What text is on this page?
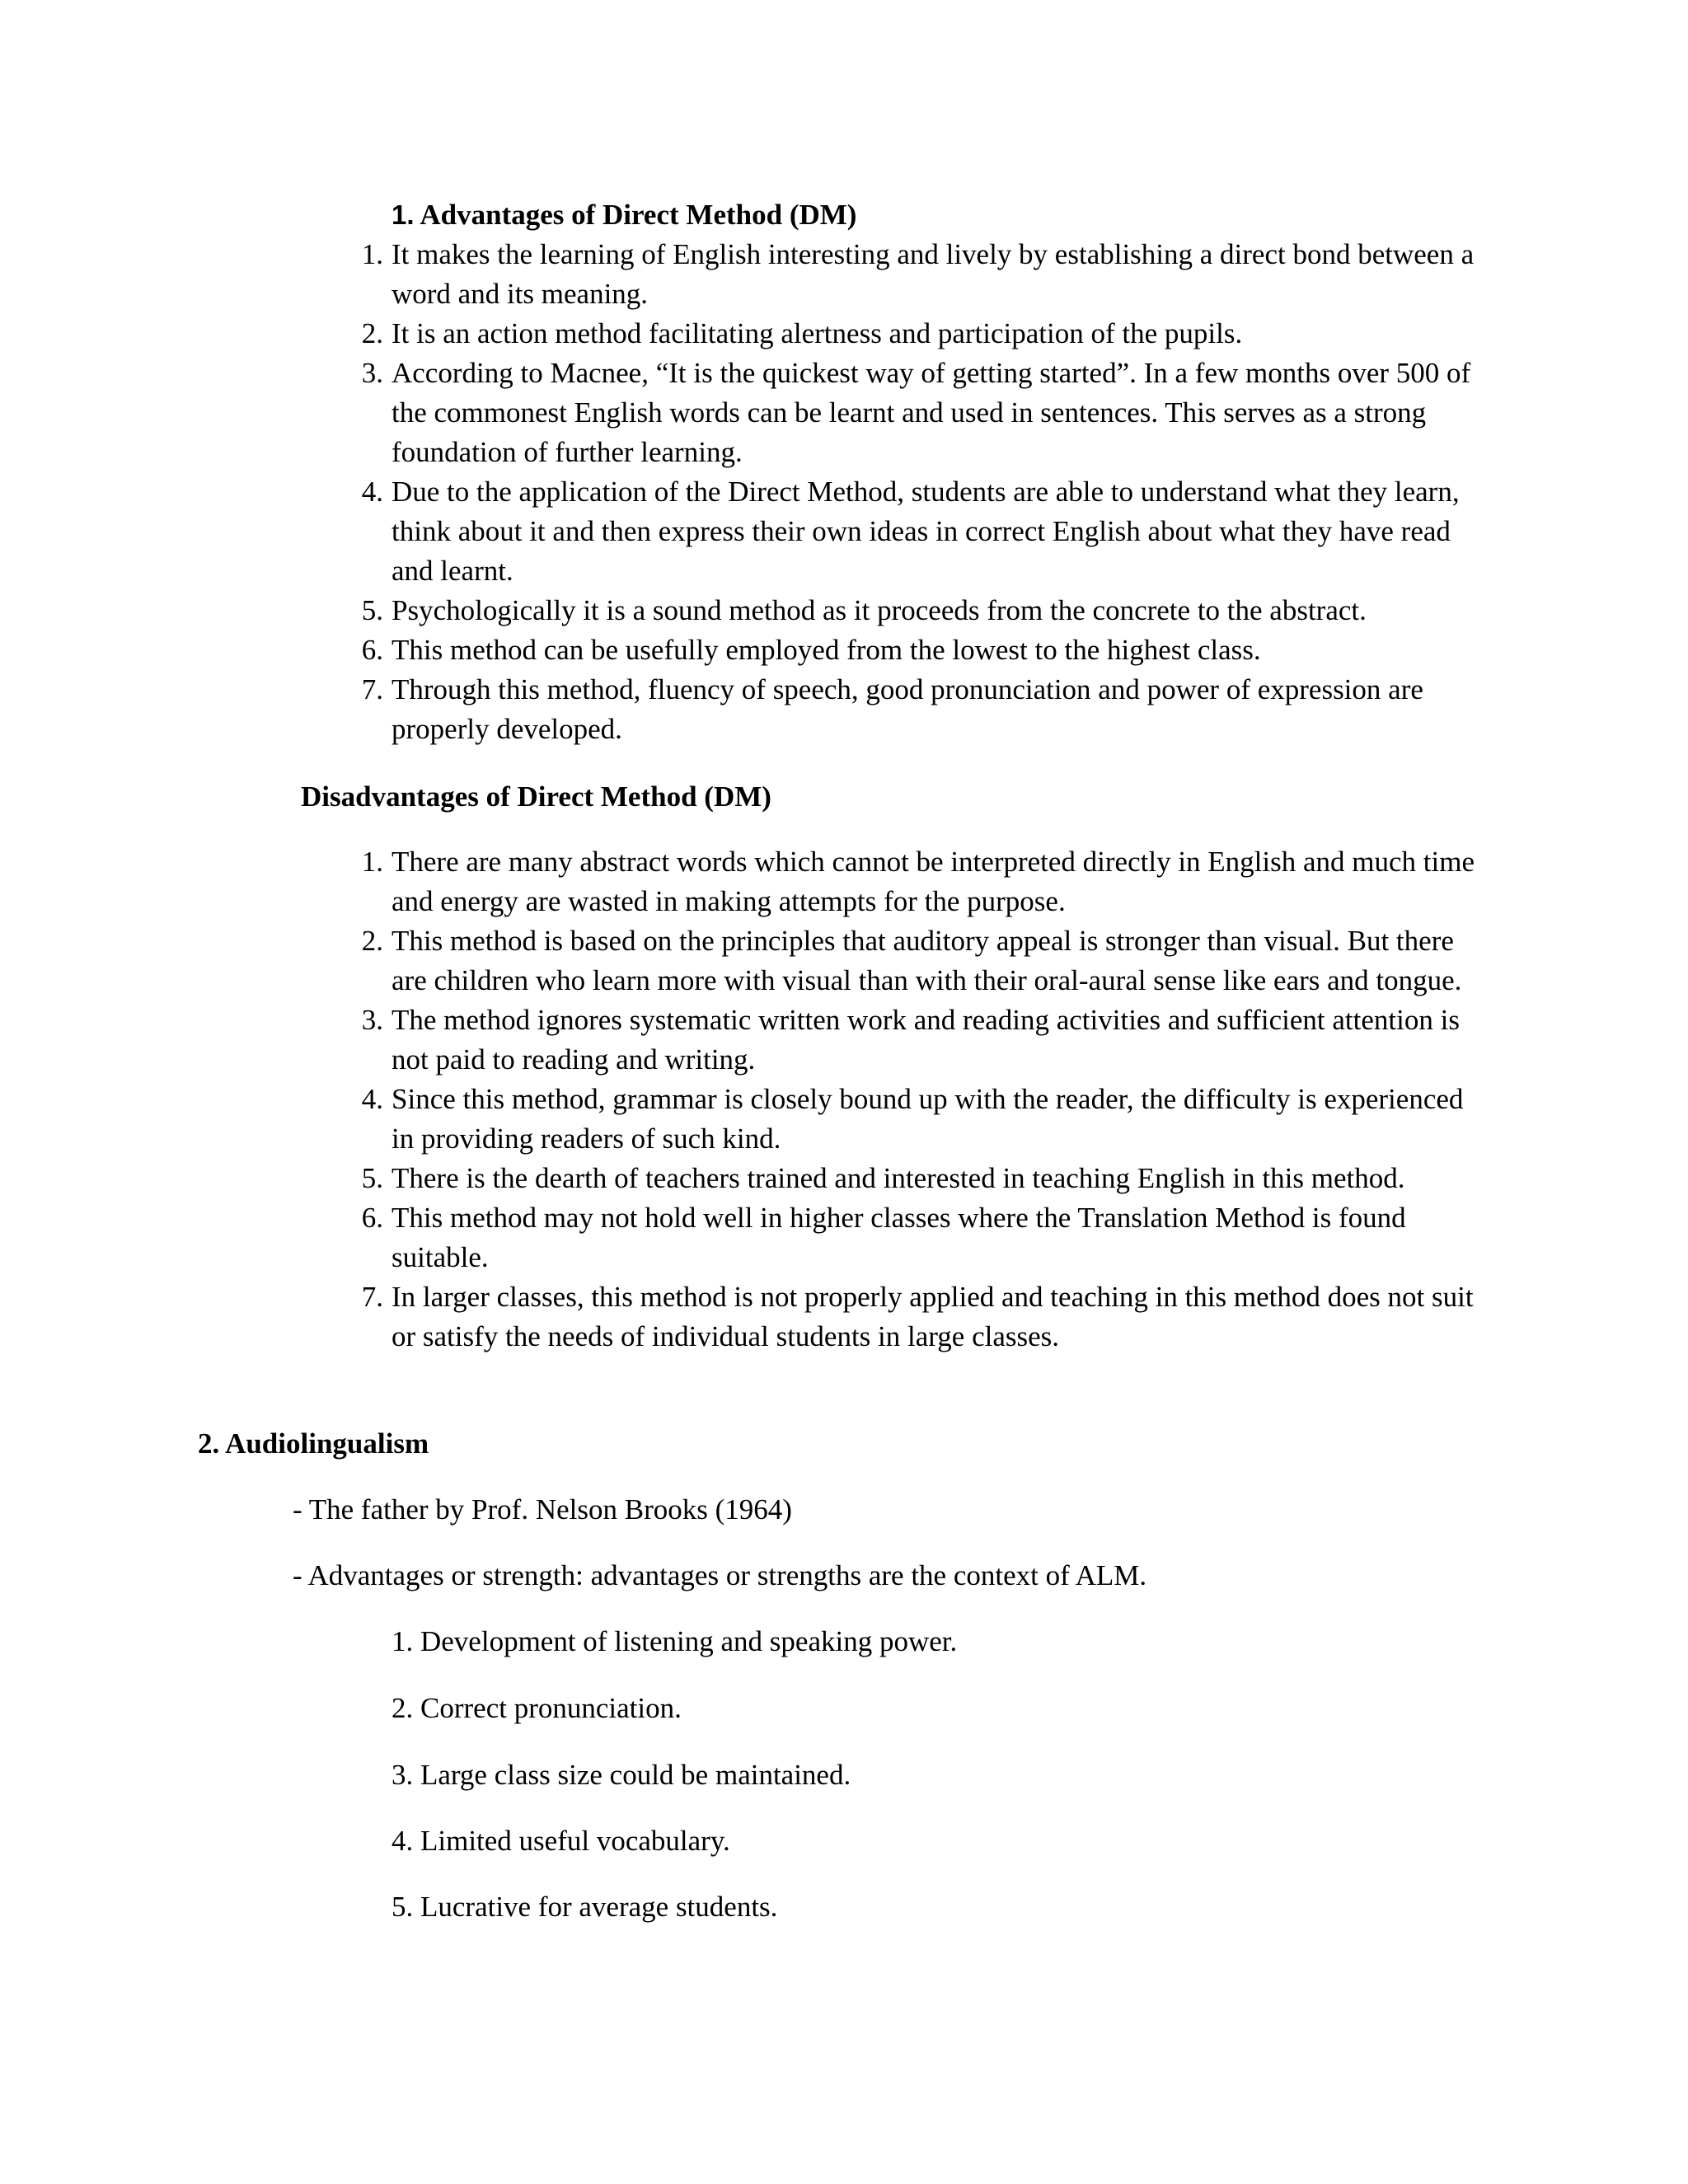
1. Advantages of Direct Method (DM)
1. It makes the learning of English interesting and lively by establishing a direct bond between a word and its meaning.
2. It is an action method facilitating alertness and participation of the pupils.
3. According to Macnee, “It is the quickest way of getting started”. In a few months over 500 of the commonest English words can be learnt and used in sentences. This serves as a strong foundation of further learning.
4. Due to the application of the Direct Method, students are able to understand what they learn, think about it and then express their own ideas in correct English about what they have read and learnt.
5. Psychologically it is a sound method as it proceeds from the concrete to the abstract.
6. This method can be usefully employed from the lowest to the highest class.
7. Through this method, fluency of speech, good pronunciation and power of expression are properly developed.
Disadvantages of Direct Method (DM)
1. There are many abstract words which cannot be interpreted directly in English and much time and energy are wasted in making attempts for the purpose.
2. This method is based on the principles that auditory appeal is stronger than visual. But there are children who learn more with visual than with their oral-aural sense like ears and tongue.
3. The method ignores systematic written work and reading activities and sufficient attention is not paid to reading and writing.
4. Since this method, grammar is closely bound up with the reader, the difficulty is experienced in providing readers of such kind.
5. There is the dearth of teachers trained and interested in teaching English in this method.
6. This method may not hold well in higher classes where the Translation Method is found suitable.
7. In larger classes, this method is not properly applied and teaching in this method does not suit or satisfy the needs of individual students in large classes.
2. Audiolingualism
- The father by Prof. Nelson Brooks (1964)
- Advantages or strength: advantages or strengths are the context of ALM.
1. Development of listening and speaking power.
2. Correct pronunciation.
3. Large class size could be maintained.
4. Limited useful vocabulary.
5. Lucrative for average students.
